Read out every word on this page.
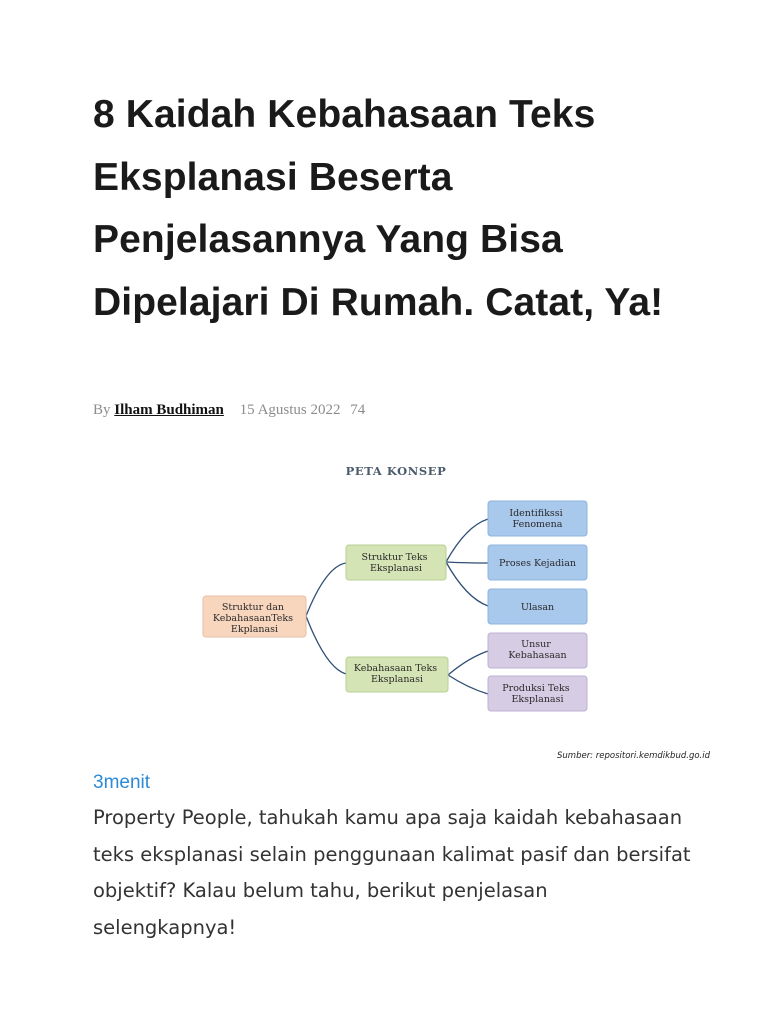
8 Kaidah Kebahasaan Teks Eksplanasi Beserta Penjelasannya Yang Bisa Dipelajari Di Rumah. Catat, Ya!

By Ilham Budhiman 15 Agustus 2022 74

PETA KONSEP
Struktur dan KebahasaanTeks Ekplanasi
Struktur Teks Eksplanasi
Kebahasaan Teks Eksplanasi
Identifikssi Fenomena
Proses Kejadian
Ulasan
Unsur Kebahasaan
Produksi Teks Eksplanasi
Sumber: repositori.kemdikbud.go.id

3menit

Property People, tahukah kamu apa saja kaidah kebahasaan teks eksplanasi selain penggunaan kalimat pasif dan bersifat objektif? Kalau belum tahu, berikut penjelasan selengkapnya!
